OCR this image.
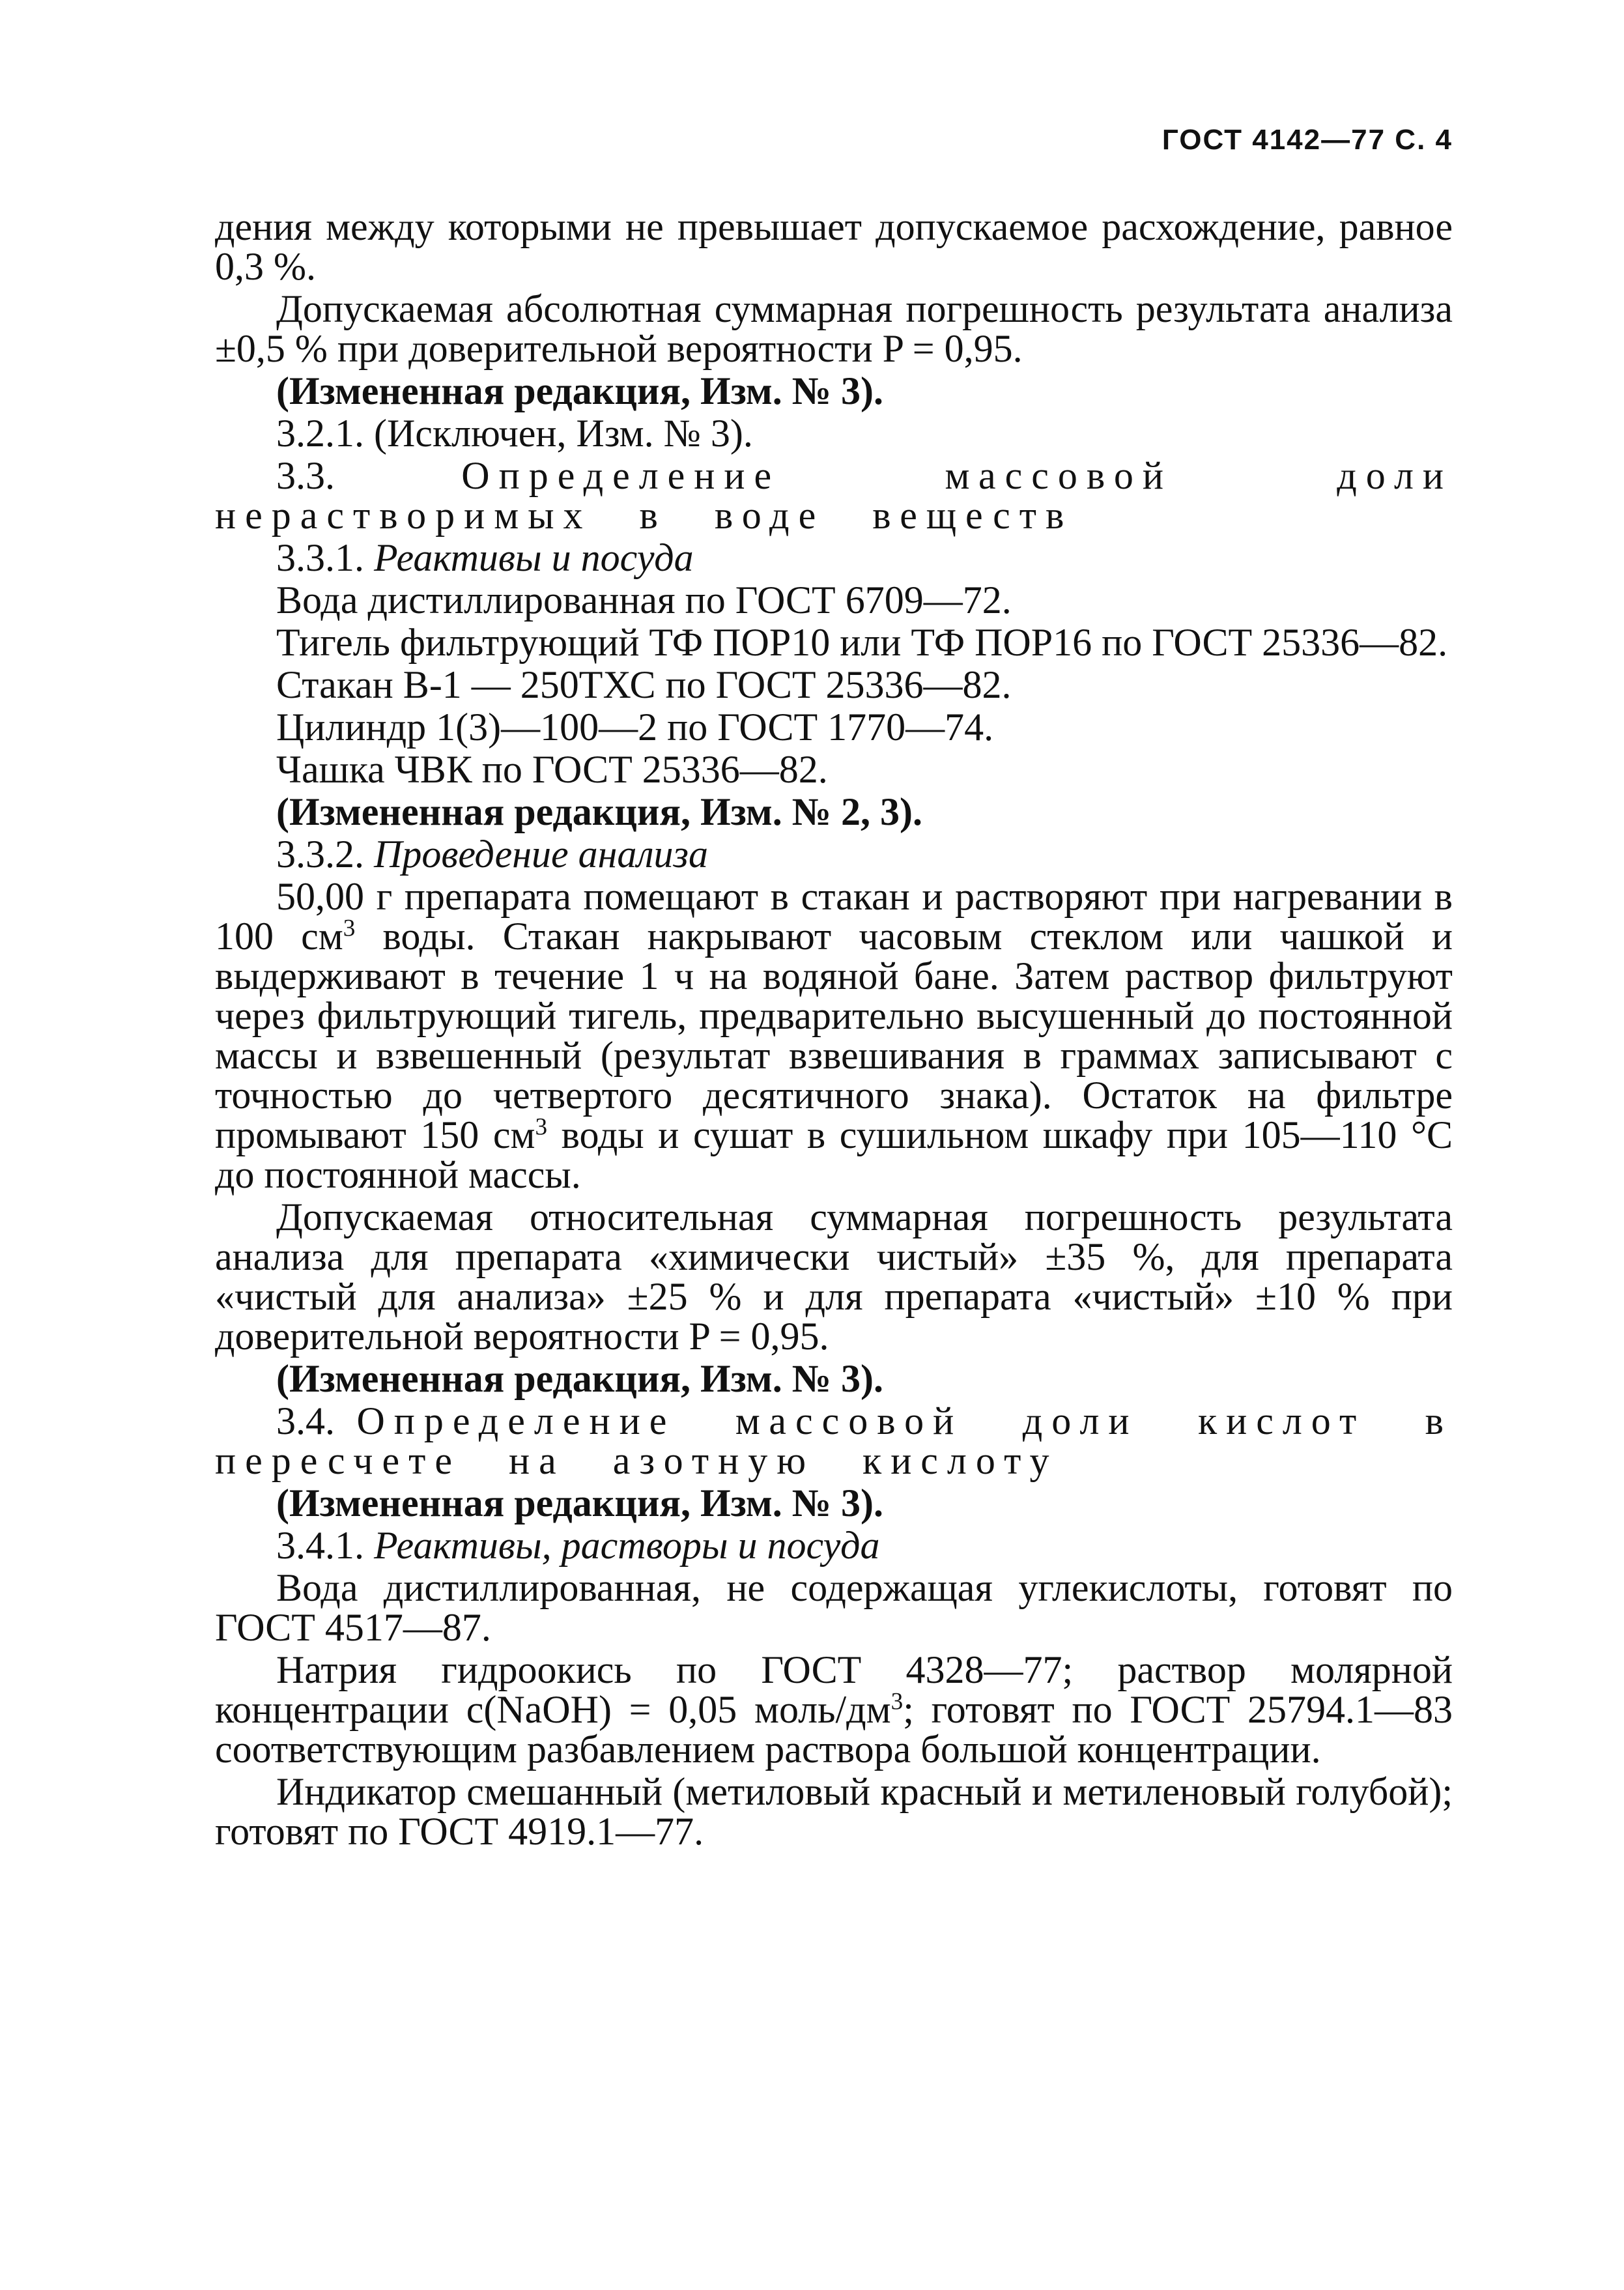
ГОСТ 4142—77 С. 4

дения между которыми не превышает допускаемое расхождение, равное 0,3 %.

Допускаемая абсолютная суммарная погрешность результата анализа ±0,5 % при доверительной вероятности P = 0,95.

(Измененная редакция, Изм. № 3).

3.2.1. (Исключен, Изм. № 3).

3.3. Определение массовой доли нерастворимых в воде веществ

3.3.1. Реактивы и посуда

Вода дистиллированная по ГОСТ 6709—72.

Тигель фильтрующий ТФ ПОР10 или ТФ ПОР16 по ГОСТ 25336—82.

Стакан В-1 — 250ТХС по ГОСТ 25336—82.

Цилиндр 1(3)—100—2 по ГОСТ 1770—74.

Чашка ЧВК по ГОСТ 25336—82.

(Измененная редакция, Изм. № 2, 3).

3.3.2. Проведение анализа

50,00 г препарата помещают в стакан и растворяют при нагревании в 100 $см^3$ воды. Стакан накрывают часовым стеклом или чашкой и выдерживают в течение 1 ч на водяной бане. Затем раствор фильтруют через фильтрующий тигель, предварительно высушенный до постоянной массы и взвешенный (результат взвешивания в граммах записывают с точностью до четвертого десятичного знака). Остаток на фильтре промывают 150 $см^3$ воды и сушат в сушильном шкафу при 105—110 °С до постоянной массы.

Допускаемая относительная суммарная погрешность результата анализа для препарата «химически чистый» ±35 %, для препарата «чистый для анализа» ±25 % и для препарата «чистый» ±10 % при доверительной вероятности P = 0,95.

(Измененная редакция, Изм. № 3).

3.4. Определение массовой доли кислот в пересчете на азотную кислоту

(Измененная редакция, Изм. № 3).

3.4.1. Реактивы, растворы и посуда

Вода дистиллированная, не содержащая углекислоты, готовят по ГОСТ 4517—87.

Натрия гидроокись по ГОСТ 4328—77; раствор молярной концентрации c(NaOH) = 0,05 моль/$дм^3$; готовят по ГОСТ 25794.1—83 соответствующим разбавлением раствора большой концентрации.

Индикатор смешанный (метиловый красный и метиленовый голубой); готовят по ГОСТ 4919.1—77.
